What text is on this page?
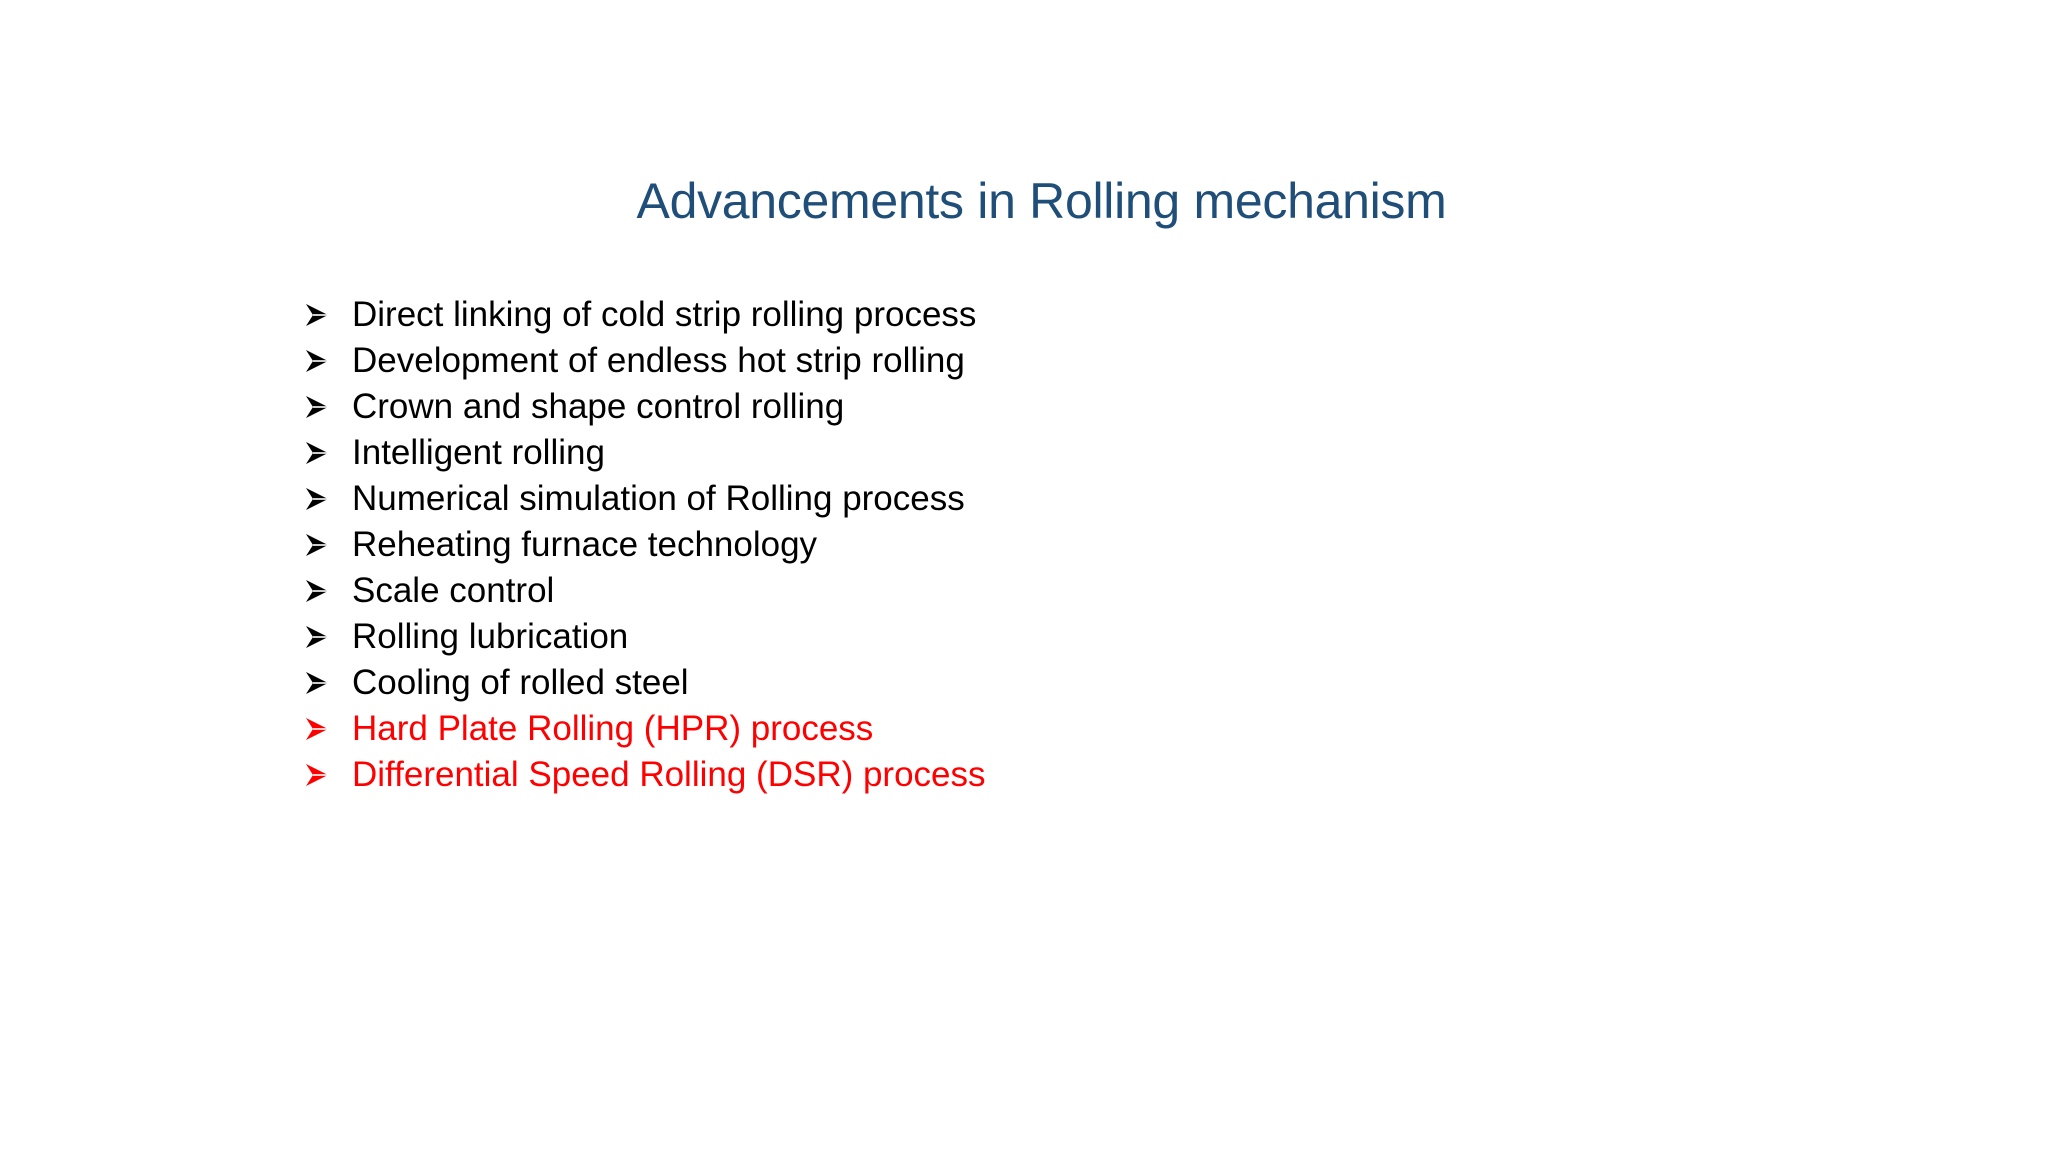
Advancements in Rolling mechanism
Direct linking of cold strip rolling process
Development of endless hot strip rolling
Crown and shape control rolling
Intelligent rolling
Numerical simulation of Rolling process
Reheating furnace technology
Scale control
Rolling lubrication
Cooling of rolled steel
Hard Plate Rolling (HPR) process
Differential Speed Rolling (DSR) process
